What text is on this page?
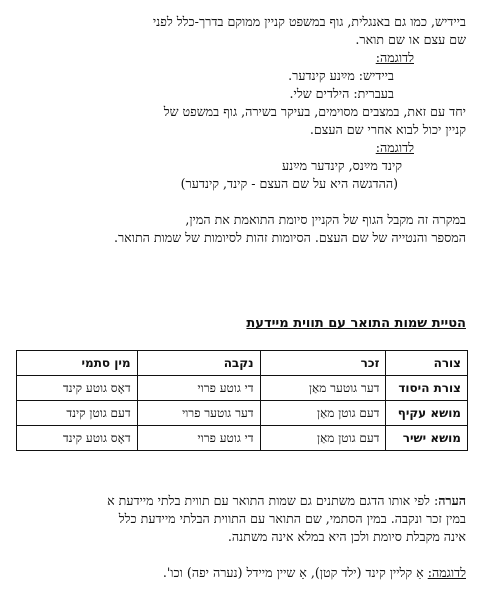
ביידיש, כמו גם באנגלית, גוף במשפט קניין ממוקם בדרך-כלל לפני
שם עצם או שם תואר.
לדוגמה:
ביידיש: מײַנע קינדער.
בעברית: הילדים שלי.
יחד עם זאת, במצבים מסוימים, בעיקר בשירה, גוף במשפט של
קניין יכול לבוא אחרי שם העצם.
לדוגמה:
קינד מײַנס, קינדער מײַנע
(ההדגשה היא על שם העצם - קינד, קינדער)
במקרה זה מקבל הגוף של הקניין סיומת התואמת את המין,
המספר והנטייה של שם העצם. הסיומות זהות לסיומות של שמות התואר.
הטיית שמות התואר עם תווית מיידעת
צורה	זכר	נקבה	מין סתמי
צורת היסוד	דער גוטער מאַן	די גוטע פרוי	דאָס גוטע קינד
מושא עקיף	דעם גוטן מאַן	דער גוטער פרוי	דעם גוטן קינד
מושא ישיר	דעם גוטן מאַן	די גוטע פרוי	דאָס גוטע קינד
הערה: לפי אותו הדגם משתנים גם שמות התואר עם תווית בלתי מיידעת א
במין זכר ונקבה. במין הסתמי, שם התואר עם התווית הבלתי מיידעת כלל
אינה מקבלת סיומת ולכן היא במלא אינה משתנה.
לדוגמה: אַ קליין קינד (ילד קטן), אַ שיין מיידל (נערה יפה) וכו'.
